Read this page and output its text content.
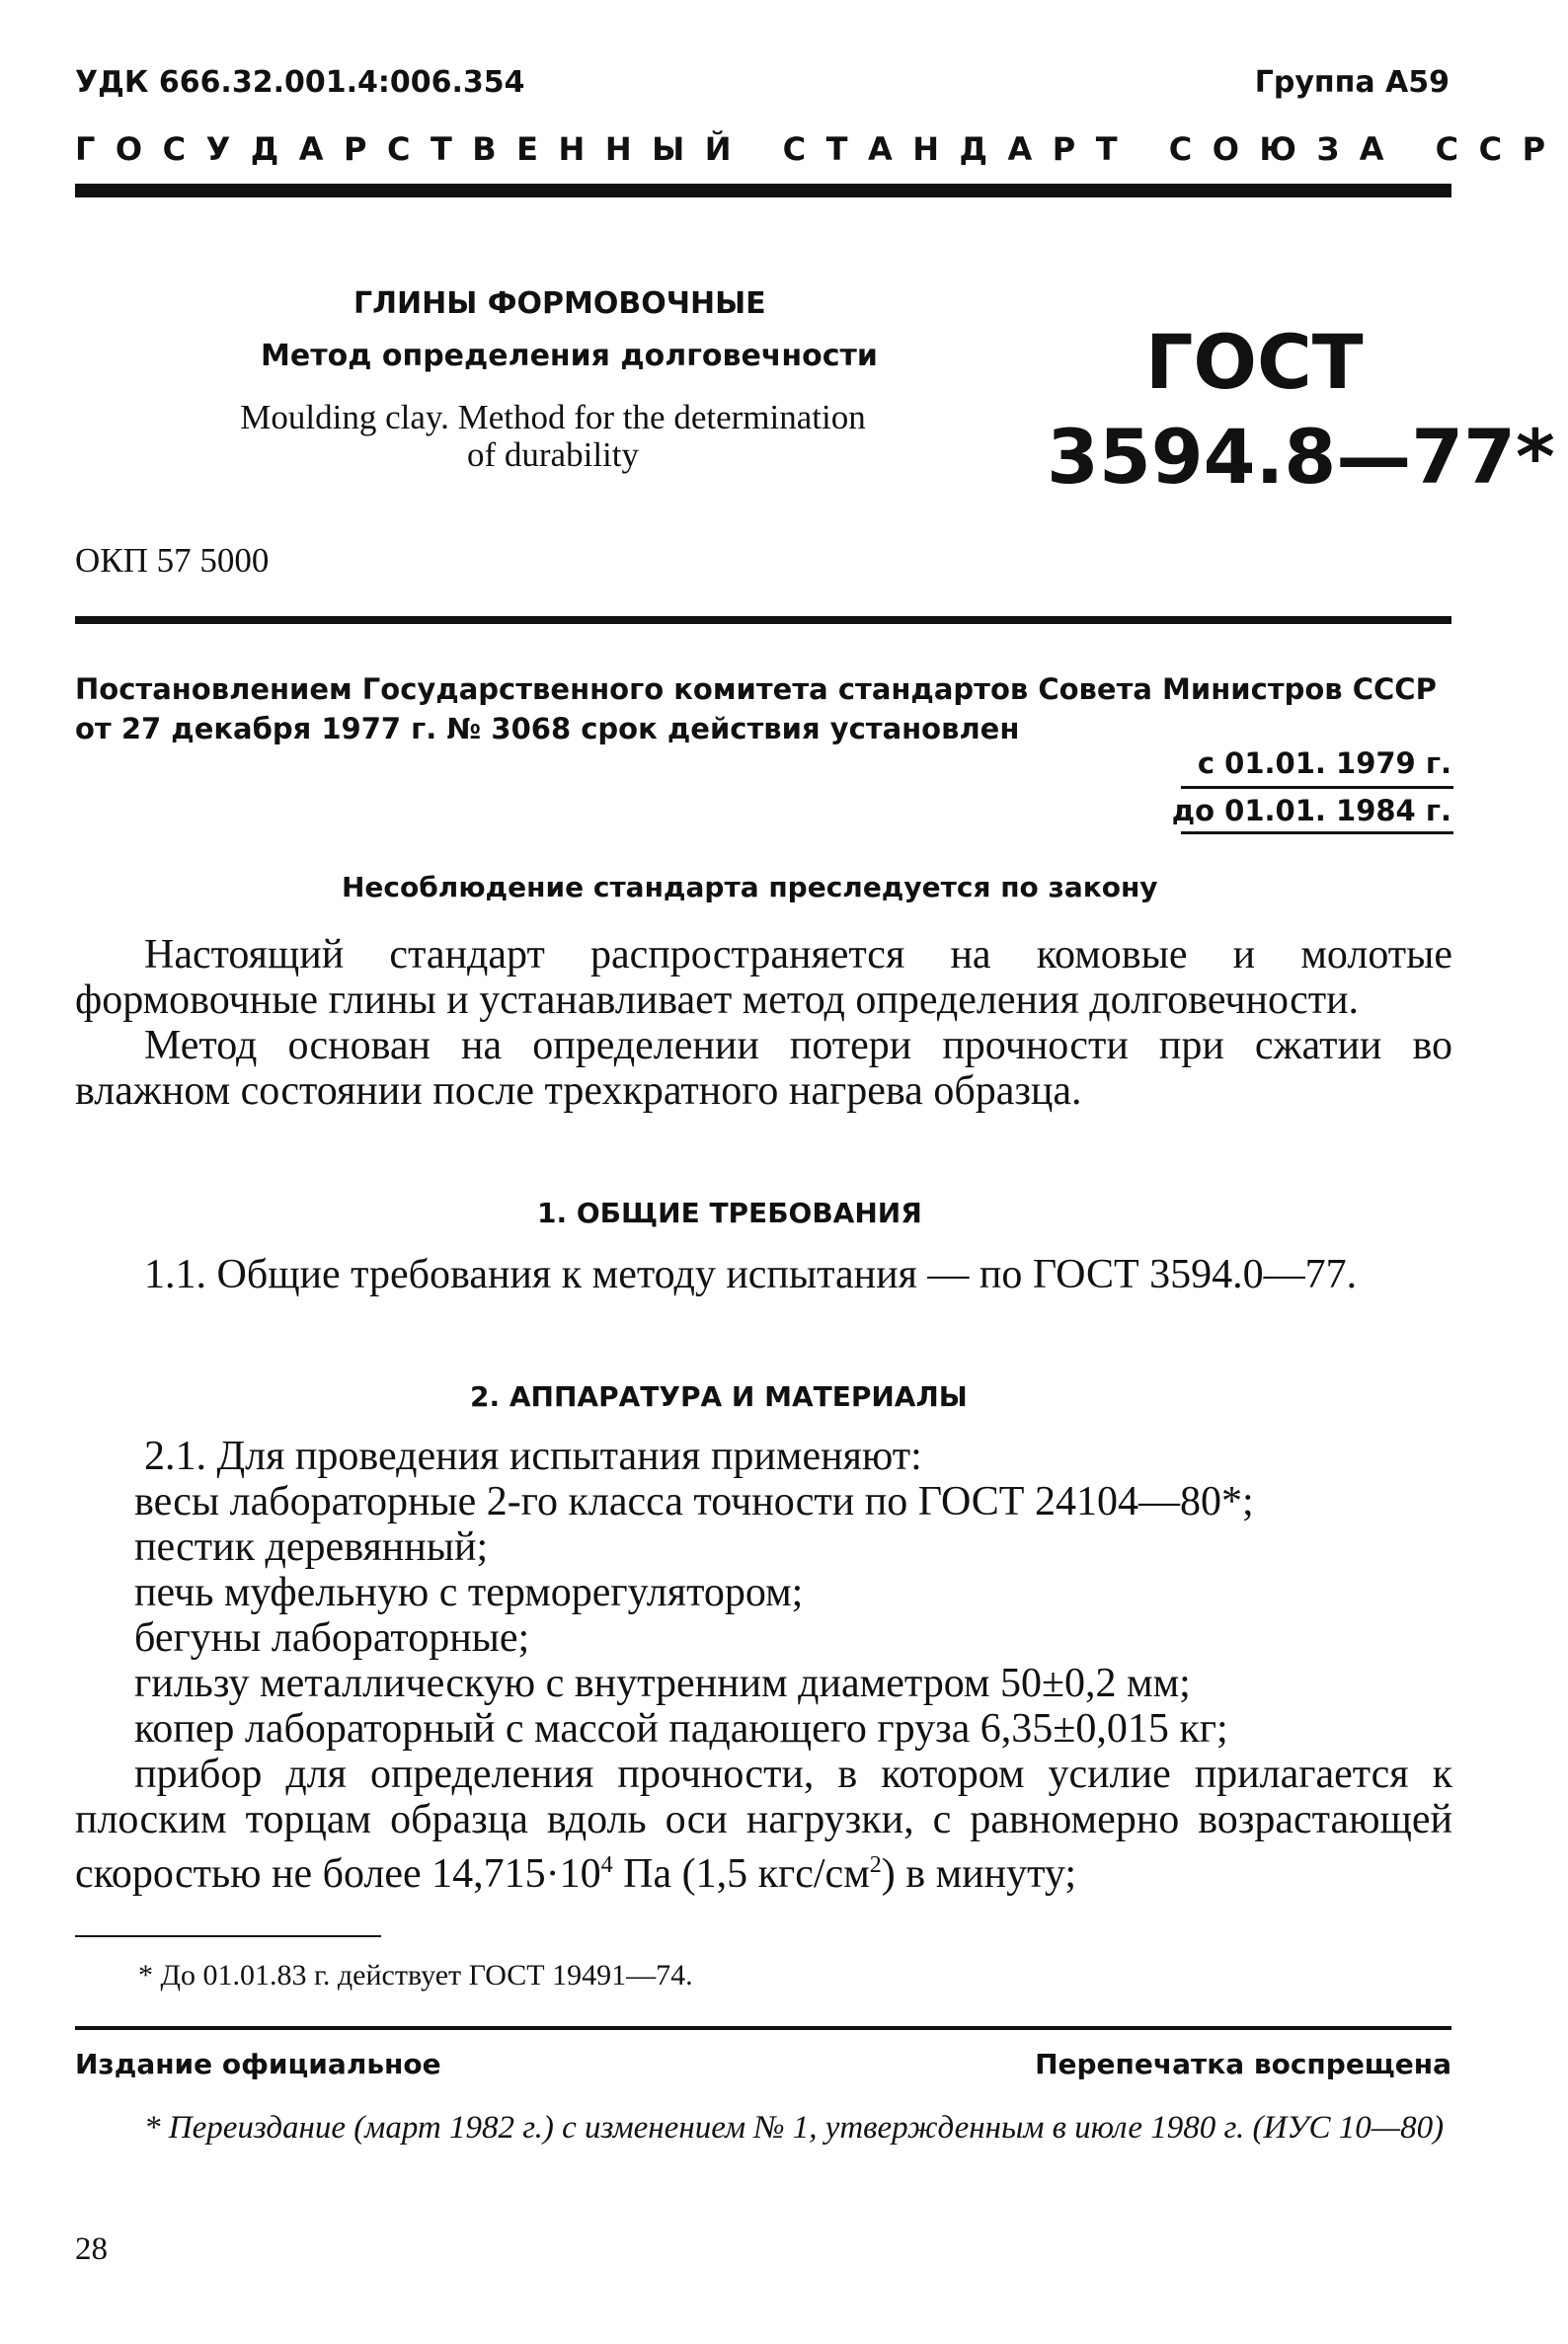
УДК 666.32.001.4:006.354	Группа А59
ГОСУДАРСТВЕННЫЙ СТАНДАРТ СОЮЗА ССР
ГЛИНЫ ФОРМОВОЧНЫЕ
Метод определения долговечности
Moulding clay. Method for the determination
of durability
ГОСТ
3594.8—77*
ОКП 57 5000
Постановлением Государственного комитета стандартов Совета Министров СССР
от 27 декабря 1977 г. № 3068 срок действия установлен
с 01.01. 1979 г.
до 01.01. 1984 г.
Несоблюдение стандарта преследуется по закону

Настоящий стандарт распространяется на комовые и молотые формовочные глины и устанавливает метод определения долговечности.

Метод основан на определении потери прочности при сжатии во влажном состоянии после трехкратного нагрева образца.

1. ОБЩИЕ ТРЕБОВАНИЯ

1.1. Общие требования к методу испытания — по ГОСТ 3594.0—77.

2. АППАРАТУРА И МАТЕРИАЛЫ

2.1. Для проведения испытания применяют:

весы лабораторные 2-го класса точности по ГОСТ 24104—80*;
пестик деревянный;
печь муфельную с терморегулятором;
бегуны лабораторные;
гильзу металлическую с внутренним диаметром 50±0,2 мм;
копер лабораторный с массой падающего груза 6,35±0,015 кг;

прибор для определения прочности, в котором усилие прилагается к плоским торцам образца вдоль оси нагрузки, с равномерно возрастающей скоростью не более $14,715\cdot 10^4$ Па (1,5 кгс/$см^2$) в минуту;

* До 01.01.83 г. действует ГОСТ 19491—74.
Издание официальное	Перепечатка воспрещена
* Переиздание (март 1982 г.) с изменением № 1, утвержденным в июле 1980 г. (ИУС 10—80)
28
